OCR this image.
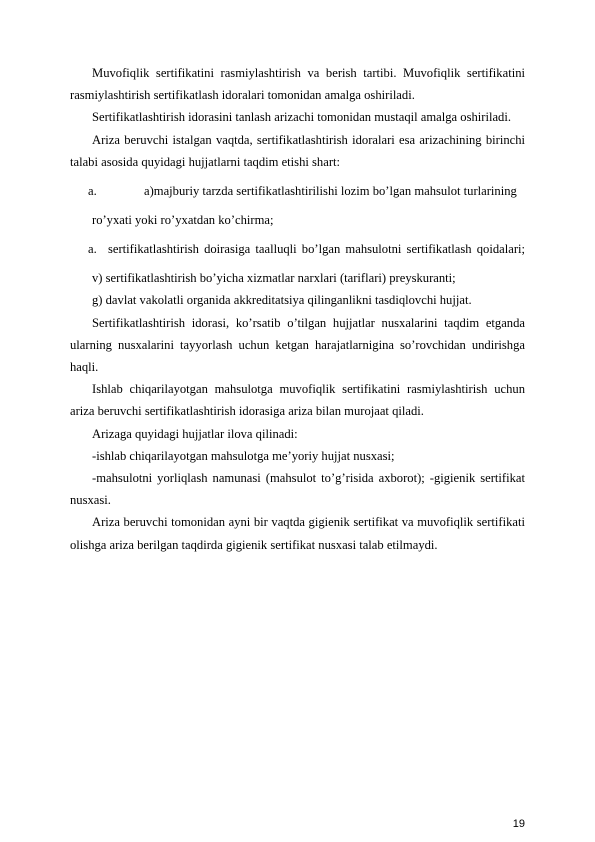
Muvofiqlik sertifikatini rasmiylashtirish va berish tartibi. Muvofiqlik sertifikatini rasmiylashtirish sertifikatlash idoralari tomonidan amalga oshiriladi.

Sertifikatlashtirish idorasini tanlash arizachi tomonidan mustaqil amalga oshiriladi.

Ariza beruvchi istalgan vaqtda, sertifikatlashtirish idoralari esa arizachining birinchi talabi asosida quyidagi hujjatlarni taqdim etishi shart:

a.	a)majburiy tarzda sertifikatlashtirilishi lozim bo’lgan mahsulot turlarining

ro’yxati yoki ro’yxatdan ko’chirma;

a. sertifikatlashtirish doirasiga taalluqli bo’lgan mahsulotni sertifikatlash qoidalari;

v) sertifikatlashtirish bo’yicha xizmatlar narxlari (tariflari) preyskuranti;

g) davlat vakolatli organida akkreditatsiya qilinganlikni tasdiqlovchi hujjat.

Sertifikatlashtirish idorasi, ko’rsatib o’tilgan hujjatlar nusxalarini taqdim etganda ularning nusxalarini tayyorlash uchun ketgan harajatlarnigina so’rovchidan undirishga haqli.

Ishlab chiqarilayotgan mahsulotga muvofiqlik sertifikatini rasmiylashtirish uchun ariza beruvchi sertifikatlashtirish idorasiga ariza bilan murojaat qiladi.

Arizaga quyidagi hujjatlar ilova qilinadi:

-ishlab chiqarilayotgan mahsulotga me’yoriy hujjat nusxasi;

-mahsulotni yorliqlash namunasi (mahsulot to’g’risida axborot); -gigienik sertifikat nusxasi.

Ariza beruvchi tomonidan ayni bir vaqtda gigienik sertifikat va muvofiqlik sertifikati olishga ariza berilgan taqdirda gigienik sertifikat nusxasi talab etilmaydi.

19
